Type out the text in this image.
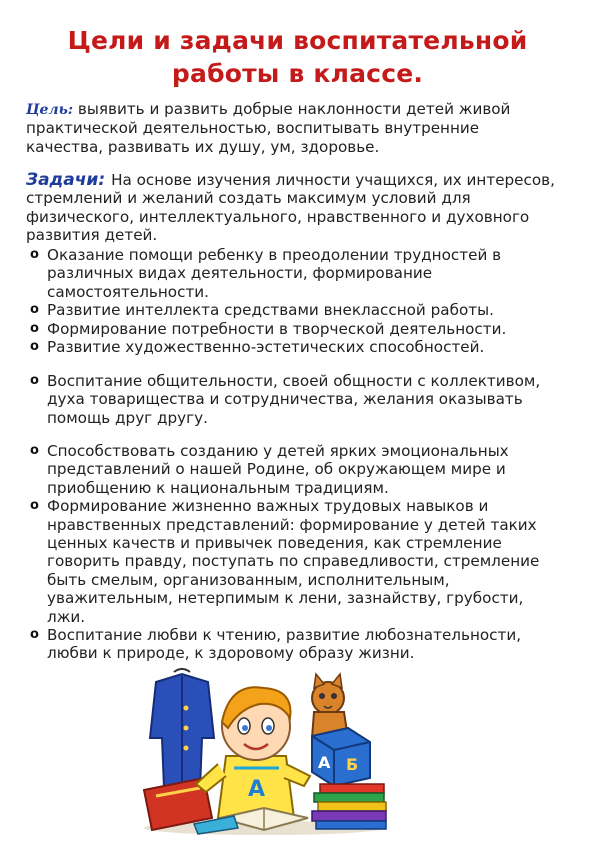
Цели и задачи воспитательной
работы в классе.
Цель: выявить и развить добрые наклонности детей живой практической деятельностью, воспитывать внутренние качества, развивать их душу, ум, здоровье.
Задачи: На основе изучения личности учащихся, их интересов, стремлений и желаний создать максимум условий для физического, интеллектуального, нравственного и духовного развития детей.
o Оказание помощи ребенку в преодолении трудностей в различных видах деятельности, формирование самостоятельности.
o Развитие интеллекта средствами внеклассной работы.
o Формирование потребности в творческой деятельности.
o Развитие художественно-эстетических способностей.
o Воспитание общительности, своей общности с коллективом, духа товарищества и сотрудничества, желания оказывать помощь друг другу.
o Способствовать созданию у детей ярких эмоциональных представлений о нашей Родине, об окружающем мире и приобщению к национальным традициям.
o Формирование жизненно важных трудовых навыков и нравственных представлений: формирование у детей таких ценных качеств и привычек поведения, как стремление говорить правду, поступать по справедливости, стремление быть смелым, организованным, исполнительным, уважительным, нетерпимым к лени, зазнайству, грубости, лжи.
o Воспитание любви к чтению, развитие любознательности, любви к природе, к здоровому образу жизни.
A
А Б
